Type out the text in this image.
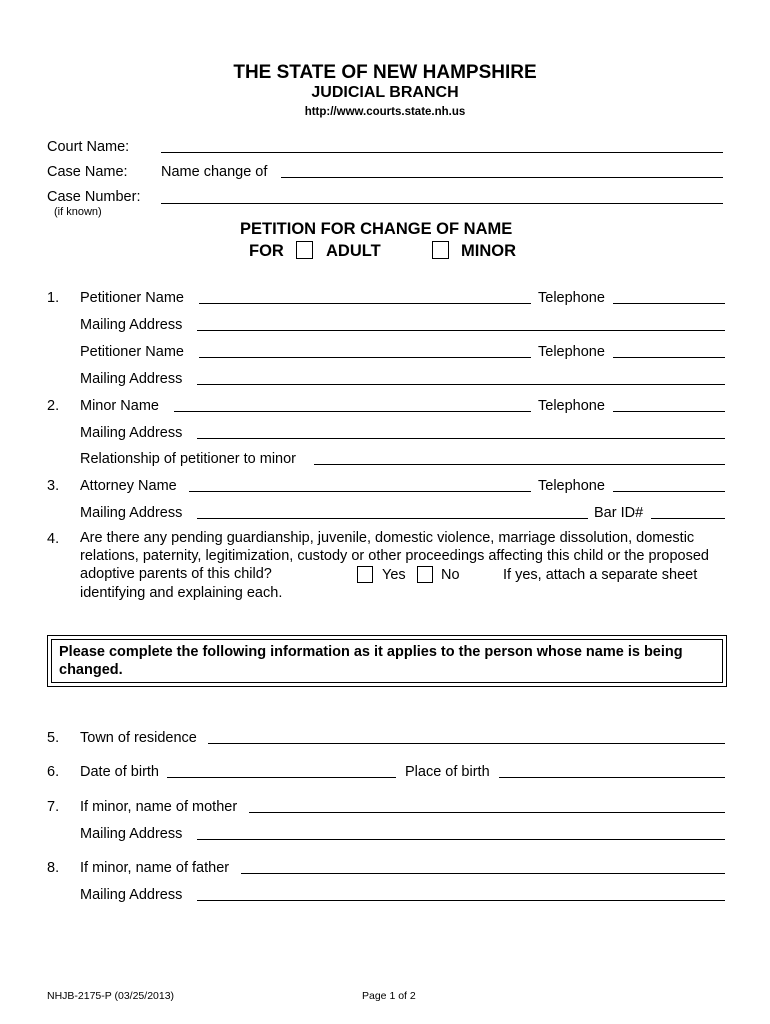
THE STATE OF NEW HAMPSHIRE
JUDICIAL BRANCH
http://www.courts.state.nh.us
Court Name:
Case Name: Name change of
Case Number:
(if known)
PETITION FOR CHANGE OF NAME
FOR	ADULT	MINOR
1. Petitioner Name	Telephone
Mailing Address
Petitioner Name	Telephone
Mailing Address
2. Minor Name	Telephone
Mailing Address
Relationship of petitioner to minor
3. Attorney Name	Telephone
Mailing Address	Bar ID#
4. Are there any pending guardianship, juvenile, domestic violence, marriage dissolution, domestic relations, paternity, legitimization, custody or other proceedings affecting this child or the proposed adoptive parents of this child?	Yes No	If yes, attach a separate sheet
identifying and explaining each.
Please complete the following information as it applies to the person whose name is being changed.
5. Town of residence
6. Date of birth	Place of birth
7. If minor, name of mother
Mailing Address
8. If minor, name of father
Mailing Address
NHJB-2175-P (03/25/2013)	Page 1 of 2
